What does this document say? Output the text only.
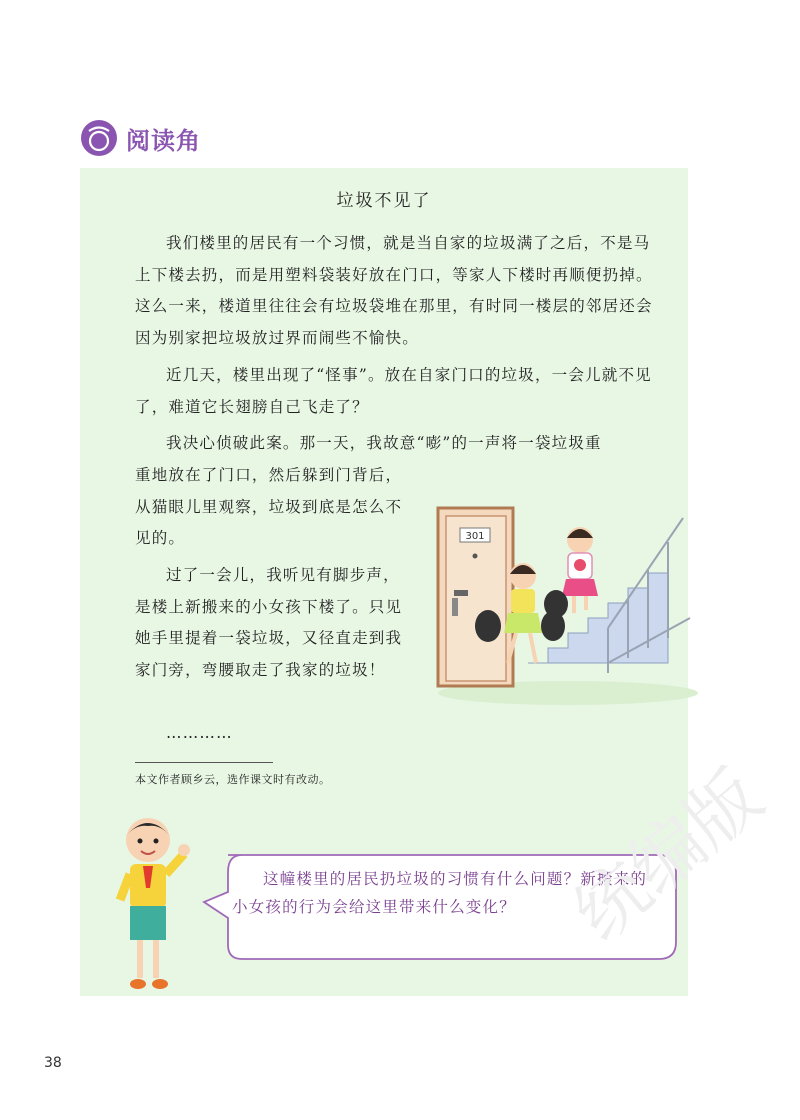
阅读角
垃圾不见了

我们楼里的居民有一个习惯，就是当自家的垃圾满了之后，不是马上下楼去扔，而是用塑料袋装好放在门口，等家人下楼时再顺便扔掉。这么一来，楼道里往往会有垃圾袋堆在那里，有时同一楼层的邻居还会因为别家把垃圾放过界而闹些不愉快。

近几天，楼里出现了“怪事”。放在自家门口的垃圾，一会儿就不见了，难道它长翅膀自己飞走了？

我决心侦破此案。那一天，我故意“嘭”的一声将一袋垃圾重

重地放在了门口，然后躲到门背后，从猫眼儿里观察，垃圾到底是怎么不见的。

过了一会儿，我听见有脚步声，是楼上新搬来的小女孩下楼了。只见她手里提着一袋垃圾，又径直走到我家门旁，弯腰取走了我家的垃圾！

…………

301
本文作者顾乡云，选作课文时有改动。

这幢楼里的居民扔垃圾的习惯有什么问题？新搬来的小女孩的行为会给这里带来什么变化？

38
统编版
